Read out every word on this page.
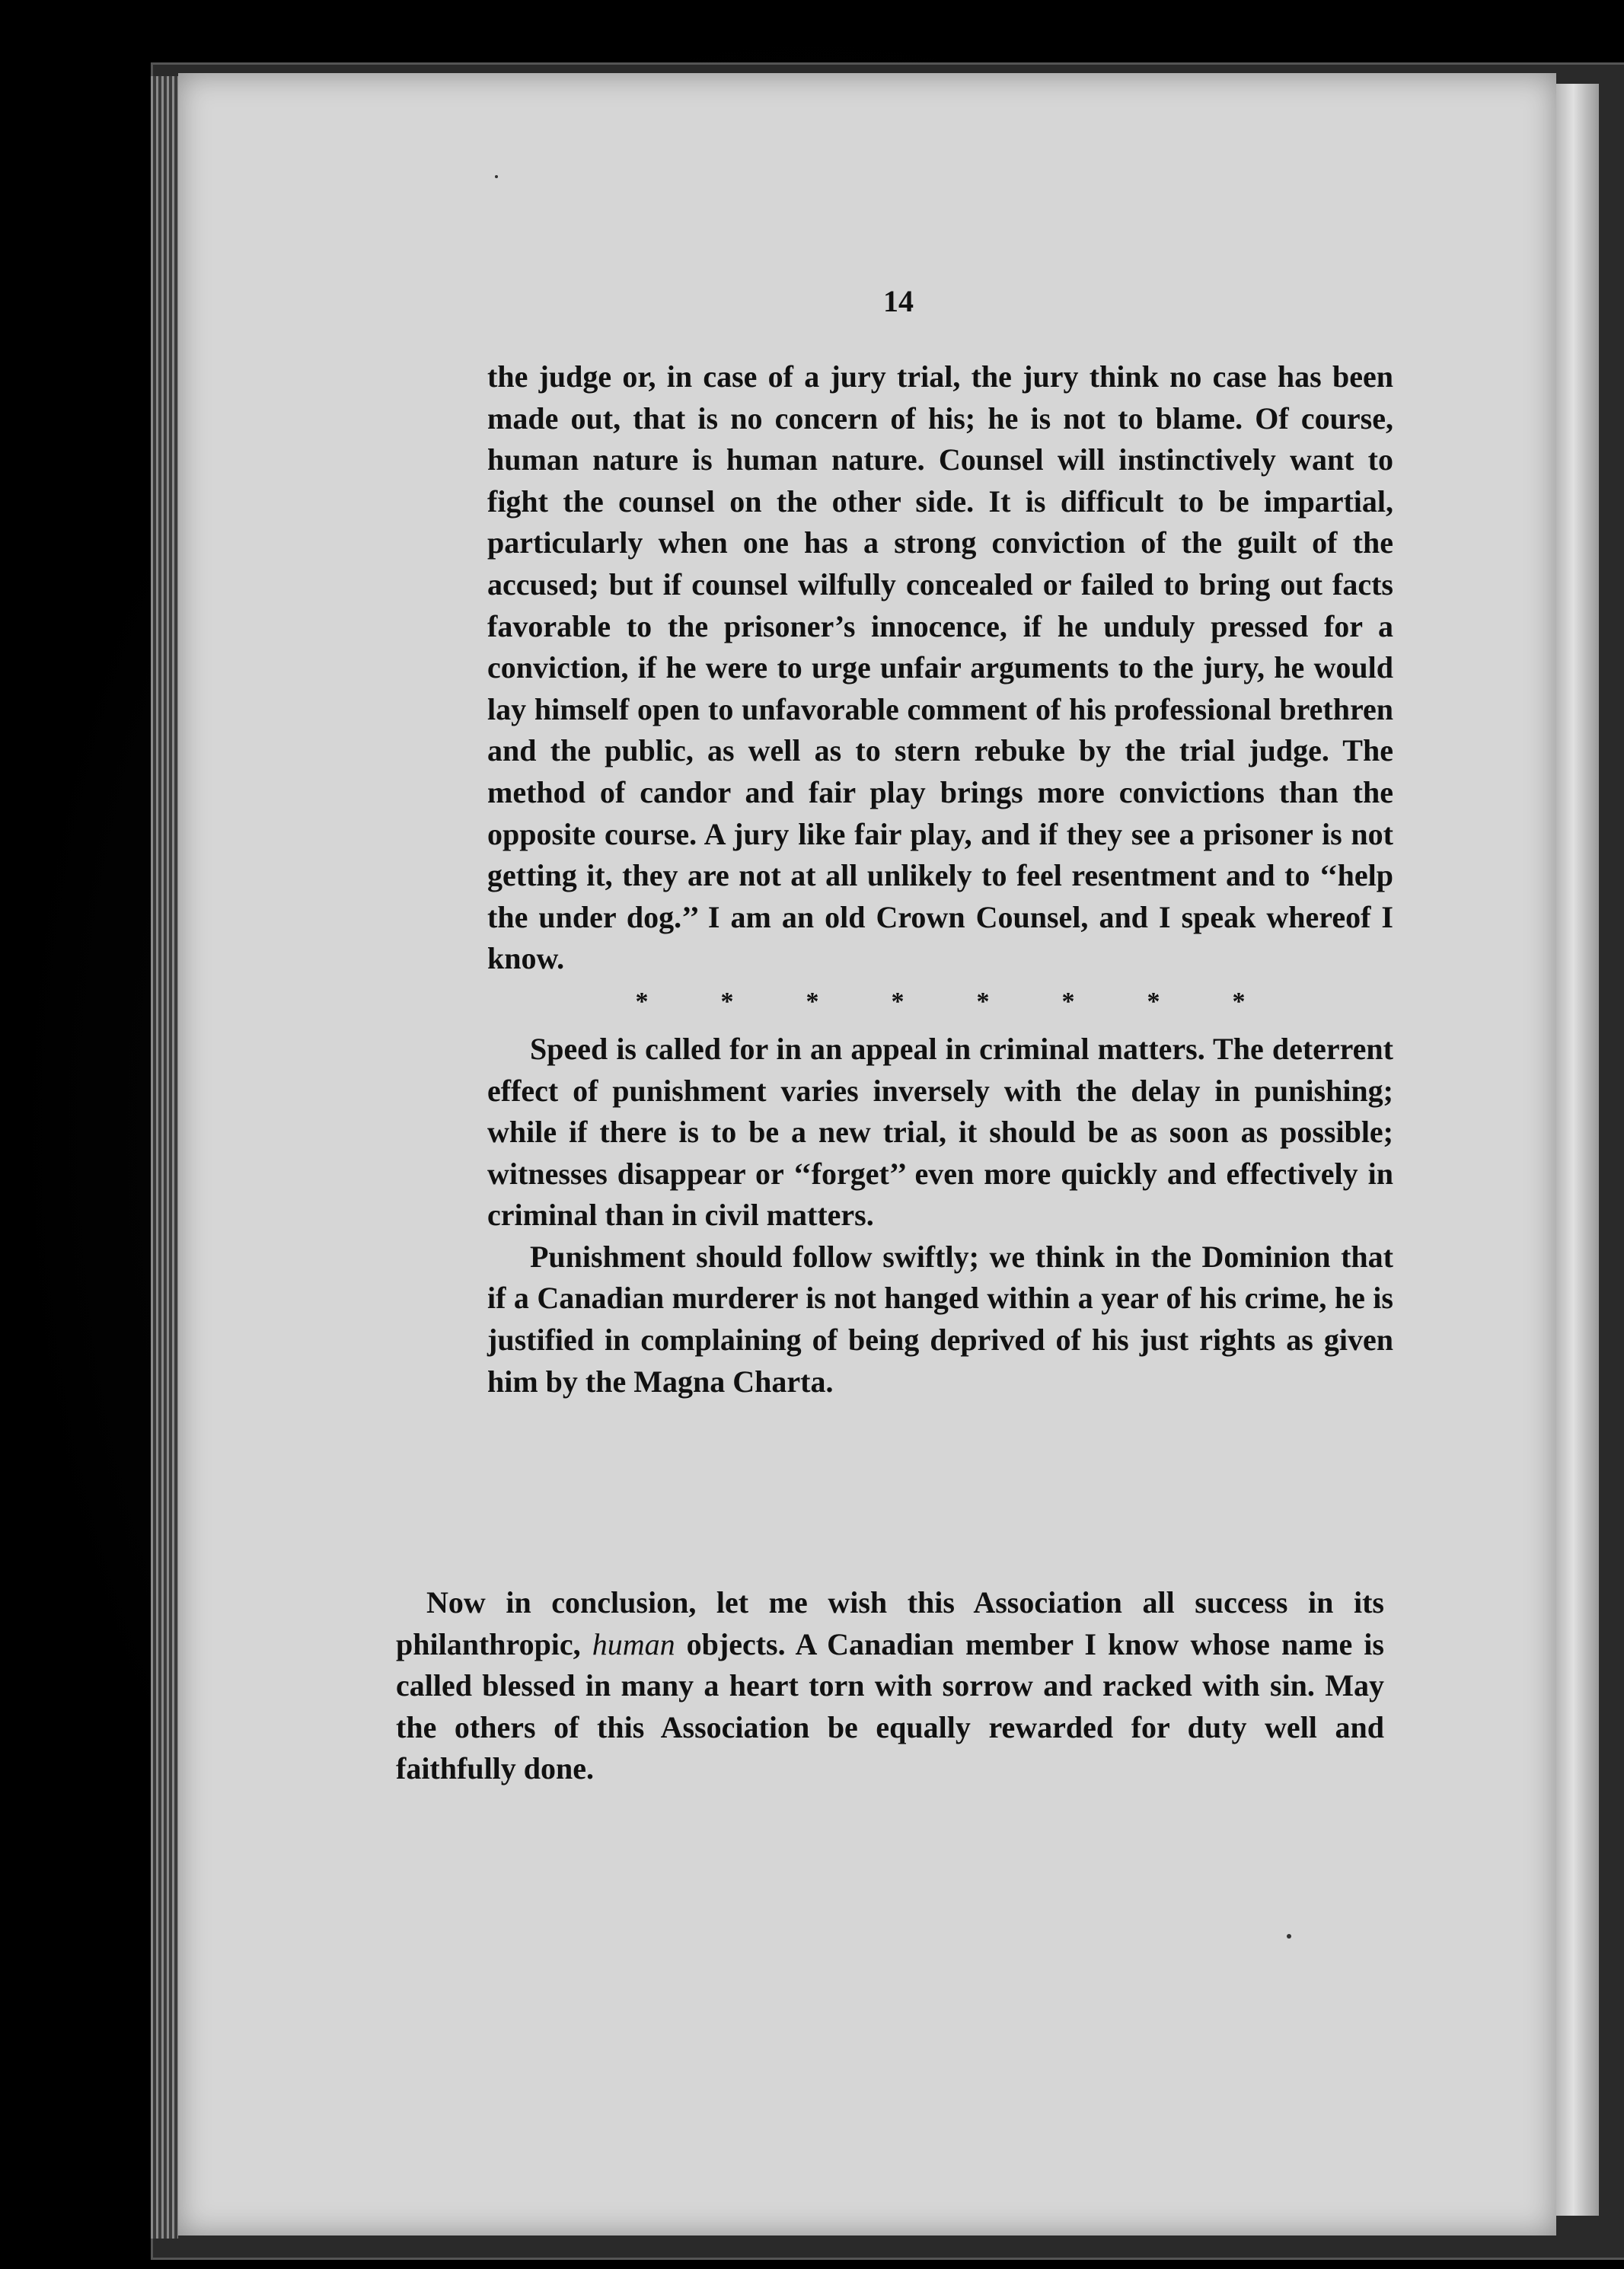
14

the judge or, in case of a jury trial, the jury think no case has been made out, that is no concern of his; he is not to blame. Of course, human nature is human nature. Counsel will instinctively want to fight the counsel on the other side. It is difficult to be impartial, particularly when one has a strong conviction of the guilt of the accused; but if counsel wilfully concealed or failed to bring out facts favorable to the prisoner’s innocence, if he unduly pressed for a conviction, if he were to urge unfair arguments to the jury, he would lay himself open to unfavorable comment of his professional brethren and the public, as well as to stern rebuke by the trial judge. The method of candor and fair play brings more convictions than the opposite course. A jury like fair play, and if they see a prisoner is not getting it, they are not at all unlikely to feel resentment and to ‘‘help the under dog.’’ I am an old Crown Counsel, and I speak whereof I know.

*	*	*	*	*	*	*	*

Speed is called for in an appeal in criminal matters. The deterrent effect of punishment varies inversely with the delay in punishing; while if there is to be a new trial, it should be as soon as possible; witnesses disappear or ‘‘forget’’ even more quickly and effectively in criminal than in civil matters.

Punishment should follow swiftly; we think in the Dominion that if a Canadian murderer is not hanged within a year of his crime, he is justified in complaining of being deprived of his just rights as given him by the Magna Charta.

Now in conclusion, let me wish this Association all success in its philanthropic, human objects. A Canadian member I know whose name is called blessed in many a heart torn with sorrow and racked with sin. May the others of this Association be equally rewarded for duty well and faithfully done.
